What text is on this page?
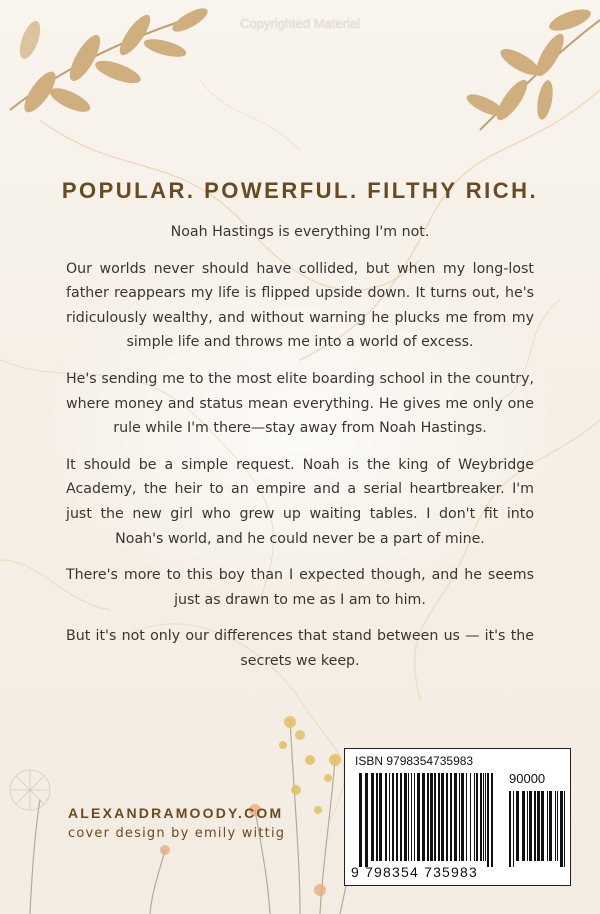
Copyrighted Material
POPULAR. POWERFUL. FILTHY RICH.

Noah Hastings is everything I'm not.

Our worlds never should have collided, but when my long-lost father reappears my life is flipped upside down. It turns out, he's ridiculously wealthy, and without warning he plucks me from my simple life and throws me into a world of excess.

He's sending me to the most elite boarding school in the country, where money and status mean everything. He gives me only one rule while I'm there—stay away from Noah Hastings.

It should be a simple request. Noah is the king of Weybridge Academy, the heir to an empire and a serial heartbreaker. I'm just the new girl who grew up waiting tables. I don't fit into Noah's world, and he could never be a part of mine.

There's more to this boy than I expected though, and he seems just as drawn to me as I am to him.

But it's not only our differences that stand between us — it's the secrets we keep.

ALEXANDRAMOODY.COM
cover design by emily wittig
ISBN 9798354735983
90000
9 798354 735983
